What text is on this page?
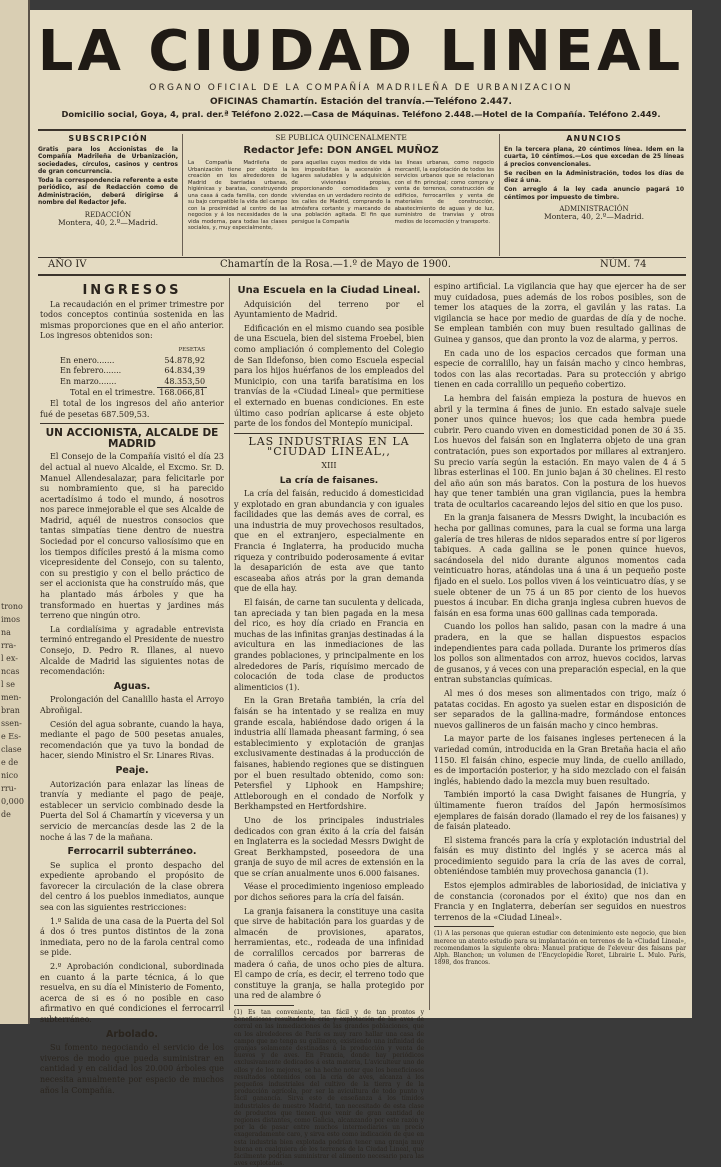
trono
imos
na
rra-
l ex-
ncas
l se
men-
bran
ssen-
e Es-
clase
e de
nico
rru-
0,000
de
LA CIUDAD LINEAL
ORGANO OFICIAL DE LA COMPAÑÍA MADRILEÑA DE URBANIZACION
OFICINAS Chamartín. Estación del tranvía.—Teléfono 2.447.
Domicilio social, Goya, 4, pral. der.ª Teléfono 2.022.—Casa de Máquinas. Teléfono 2.448.—Hotel de la Compañía. Teléfono 2.449.
SUBSCRIPCIÓN
Gratis para los Accionistas de la Compañía Madrileña de Urbanización, sociedades, círculos, casinos y centros de gran concurrencia.
Toda la correspondencia referente a este periódico, así de Redacción como de Administración, deberá dirigirse á nombre del Redactor Jefe.
REDACCIÓN
Montera, 40, 2.º—Madrid.
SE PUBLICA QUINCENALMENTE
Redactor Jefe: DON ANGEL MUÑOZ
La Compañía Madrileña de Urbanización tiene por objeto la creación en los alrededores de Madrid de barriadas urbanas, higiénicas y baratas, construyendo una casa á cada familia, con donde su bajo compatible la vida del campo con la proximidad al centro de las negocios y á los necesidades de la vida moderna, para todas las clases sociales, y, muy especialmente,
para aquellas cuyos medios de vida les imposibilitan la ascensión á lugares saludables y la adquisición de viviendas propias, proporcionando comodidades y viviendas en un verdadero recinto de los calles de Madrid, comprando la atmósfera cortante y marcando de una población agitada. El fin que persigue la Compañía
las líneas urbanas, como negocio mercantil, la explotación de todos los servicios urbanos que se relacionan con el fin principal; como compra y venta de terrenos, construcción de edificios, ferrocarriles y venta de materiales de construcción, abastecimiento de aguas y de luz, suministro de tranvías y otros medios de locomoción y transporte.
ANUNCIOS
En la tercera plana, 20 céntimos línea. Idem en la cuarta, 10 céntimos.—Los que excedan de 25 líneas á precios convencionales.
Se reciben en la Administración, todos los días de diez á una.
Con arreglo á la ley cada anuncio pagará 10 céntimos por impuesto de timbre.
ADMINISTRACIÓN
Montera, 40, 2.º—Madrid.
AÑO IV	Chamartín de la Rosa.—1.º de Mayo de 1900.	NÚM. 74
INGRESOS

La recaudación en el primer trimestre por todos conceptos continúa sostenida en las mismas proporciones que en el año anterior. Los ingresos obtenidos son:

	PESETAS
En enero.......	54.878,92
En febrero.......	64.834,39
En marzo.......	48.353,50
Total en el trimestre.	168.066,81

El total de los ingresos del año anterior fué de pesetas 687.509,53.

UN ACCIONISTA, ALCALDE DE MADRID

El Consejo de la Compañía visitó el día 23 del actual al nuevo Alcalde, el Excmo. Sr. D. Manuel Allendesalazar, para felicitarle por su nombramiento que, si ha parecido acertadísimo á todo el mundo, á nosotros nos parece inmejorable el que ses Alcalde de Madrid, aquél de nuestros consocios que tantas simpatías tiene dentro de nuestra Sociedad por el concurso valiosísimo que en los tiempos difíciles prestó á la misma como vicepresidente del Consejo, con su talento, con su prestigio y con el bello práctico de ser el accionista que ha construído más, que ha plantado más árboles y que ha transformado en huertas y jardines más terreno que ningún otro.

La cordialísima y agradable entrevista terminó entregando el Presidente de nuestro Consejo, D. Pedro R. Illanes, al nuevo Alcalde de Madrid las siguientes notas de recomendación:

Aguas.

Prolongación del Canalillo hasta el Arroyo Abroñigal.

Cesión del agua sobrante, cuando la haya, mediante el pago de 500 pesetas anuales, recomendación que ya tuvo la bondad de hacer, siendo Ministro el Sr. Linares Rivas.

Peaje.

Autorización para enlazar las líneas de tranvía y mediante el pago de peaje, establecer un servicio combinado desde la Puerta del Sol á Chamartín y viceversa y un servicio de mercancías desde las 2 de la noche á las 7 de la mañana.

Ferrocarril subterráneo.

Se suplica el pronto despacho del expediente aprobando el propósito de favorecer la circulación de la clase obrera del centro á los pueblos inmediatos, aunque sea con las siguientes restricciones:

1.º Salida de una casa de la Puerta del Sol á dos ó tres puntos distintos de la zona inmediata, pero no de la farola central como se pide.

2.º Aprobación condicional, subordinada en cuanto á la parte técnica, á lo que resuelva, en su día el Ministerio de Fomento, acerca de si es ó no posible en caso afirmativo en qué condiciones el ferrocarril subterráneo.

Arbolado.

Su fomento negociando el servicio de los viveros de modo que pueda suministrar en cantidad y en calidad los 20.000 árboles que necesita anualmente por espacio de muchos años la Compañía.

Una Escuela en la Ciudad Lineal.

Adquisición del terreno por el Ayuntamiento de Madrid.

Edificación en el mismo cuando sea posible de una Escuela, bien del sistema Froebel, bien como ampliación ó complemento del Colegio de San Ildefonso, bien como Escuela especial para los hijos huérfanos de los empleados del Municipio, con una tarifa baratísima en los tranvías de la «Ciudad Lineal» que permitiese el externado en buenas condiciones. En este último caso podrían aplicarse á este objeto parte de los fondos del Montepío municipal.

LAS INDUSTRIAS EN LA "CIUDAD LINEAL,,
XIII
La cría de faisanes.

La cría del faisán, reducido á domesticidad y explotado en gran abundancia y con iguales facilidades que las demás aves de corral, es una industria de muy provechosos resultados, que en el extranjero, especialmente en Francia é Inglaterra, ha producido mucha riqueza y contribuido poderosamente á evitar la desaparición de esta ave que tanto escaseaba años atrás por la gran demanda que de ella hay.

El faisán, de carne tan suculenta y delicada, tan apreciada y tan bien pagada en la mesa del rico, es hoy día criado en Francia en muchas de las infinitas granjas destinadas á la avicultura en las inmediaciones de las grandes poblaciones, y principalmente en los alrededores de París, riquísimo mercado de colocación de toda clase de productos alimenticios (1).

En la Gran Bretaña también, la cría del faisán se ha intentado y se realiza en muy grande escala, habiéndose dado origen á la industria allí llamada pheasant farming, ó sea establecimiento y explotación de granjas exclusivamente destinadas á la producción de faisanes, habiendo regiones que se distinguen por el buen resultado obtenido, como son: Petersfiel y Liphook en Hampshire; Attleborough en el condado de Norfolk y Berkhampsted en Hertfordshire.

Uno de los principales industriales dedicados con gran éxito á la cría del faisán en Inglaterra es la sociedad Messrs Dwight de Great Berkhampsted, poseedora de una granja de suyo de mil acres de extensión en la que se crían anualmente unos 6.000 faisanes.

Véase el procedimiento ingenioso empleado por dichos señores para la cría del faisán.

La granja faisanera la constituye una casita que sirve de habitación para los guardas y de almacén de provisiones, aparatos, herramientas, etc., rodeada de una infinidad de corralillos cercados por barreras de madera ó caña, de unos ocho pies de altura. El campo de cría, es decir, el terreno todo que constituye la granja, se halla protegido por una red de alambre ó

(1) Es tan conveniente, tan fácil y de tan prontos y beneficiosos resultados la cría y explotación de las aves de corral en las inmediaciones de las grandes poblaciones, que en los alrededores de París es muy raro hallar una casa de campo que no tenga su gallinero, existiendo una infinidad de granjas solamente destinadas á la producción y venta de huevos y de aves. En Francia, donde hay periódicos exclusivamente dedicados á esta materia, L'aviculteur uno de ellos y de los mejores, se ha hecho notar que los beneficiosos resultados obtenidos con la cría de aves, alcanza á los pequeños industriales del cultivo de la tierra y de la producción agrícola, por ser la avicultura de todo punto y fácil ganancia. Sirva esto de enseñanza á los tímidos industriales de nuestro Madrid, tan necesitado de esta clase de productos que tienen que venir de gran cantidad de regiones distantes, como Galicia, alcanzando por este razón y por la de pasar entre muchos intermediarios un precio exageradamente caro, y sirva esto como indicación de que en esta industria bien explotada podrían tener una granja muy buena en cualquiera de los terrenos de la Ciudad Lineal, que fácilmente podrían suministrar el alimento necesario para las aves explotadas.

espino artificial. La vigilancia que hay que ejercer ha de ser muy cuidadosa, pues además de los robos posibles, son de temer los ataques de la zorra, el gavilán y las ratas. La vigilancia se hace por medio de guardas de día y de noche. Se emplean también con muy buen resultado gallinas de Guinea y gansos, que dan pronto la voz de alarma, y perros.

En cada uno de los espacios cercados que forman una especie de corralillo, hay un faisán macho y cinco hembras, todos con las alas recortadas. Para su protección y abrigo tienen en cada corralillo un pequeño cobertizo.

La hembra del faisán empieza la postura de huevos en abril y la termina á fines de junio. En estado salvaje suele poner unos quince huevos; los que cada hembra puede cubrir. Pero cuando viven en domesticidad ponen de 30 á 35. Los huevos del faisán son en Inglaterra objeto de una gran contratación, pues son exportados por millares al extranjero. Su precio varía según la estación. En mayo valen de 4 á 5 libras esterlinas el 100. En junio bajan á 30 chelines. El resto del año aún son más baratos. Con la postura de los huevos hay que tener también una gran vigilancia, pues la hembra trata de ocultarlos cacareando lejos del sitio en que los puso.

En la granja faisanera de Messrs Dwight, la incubación es hecha por gallinas comunes, para la cual se forma una larga galería de tres hileras de nidos separados entre sí por ligeros tabiques. A cada gallina se le ponen quince huevos, sacándosela del nido durante algunos momentos cada veinticuatro horas, atándolas una á una á un pequeño poste fijado en el suelo. Los pollos viven á los veinticuatro días, y se suele obtener de un 75 á un 85 por ciento de los huevos puestos á incubar. En dicha granja inglesa cubren huevos de faisán en esa forma unas 600 gallinas cada temporada.

Cuando los pollos han salido, pasan con la madre á una pradera, en la que se hallan dispuestos espacios independientes para cada pollada. Durante los primeros días los pollos son alimentados con arroz, huevos cocidos, larvas de gusanos, y á veces con una preparación especial, en la que entran substancias químicas.

Al mes ó dos meses son alimentados con trigo, maíz ó patatas cocidas. En agosto ya suelen estar en disposición de ser separados de la gallina-madre, formándose entonces nuevos gallineros de un faisán macho y cinco hembras.

La mayor parte de los faisanes ingleses pertenecen á la variedad común, introducida en la Gran Bretaña hacia el año 1150. El faisán chino, especie muy linda, de cuello anillado, es de importación posterior, y ha sido mezclado con el faisán inglés, habiendo dado la mezcla muy buen resultado.

También importó la casa Dwight faisanes de Hungría, y últimamente fueron traídos del Japón hermosísimos ejemplares de faisán dorado (llamado el rey de los faisanes) y de faisán plateado.

El sistema francés para la cría y explotación industrial del faisán es muy distinto del inglés y se acerca más al procedimiento seguido para la cría de las aves de corral, obteniéndose también muy provechosa ganancia (1).

Estos ejemplos admirables de laboriosidad, de iniciativa y de constancia (coronados por el éxito) que nos dan en Francia y en Inglaterra, deberían ser seguidos en nuestros terrenos de la «Ciudad Lineal».

(1) A las personas que quieran estudiar con detenimiento este negocio, que bien merece un atento estudio para su implantación en terrenos de la «Ciudad Lineal», recomendamos la siguiente obra: Manuel pratique de l'eleveur des faisans par Alph. Blanchon; un volumen de l'Encyclopédie Roret, Librairie L. Mulo. París, 1898, dos francos.
